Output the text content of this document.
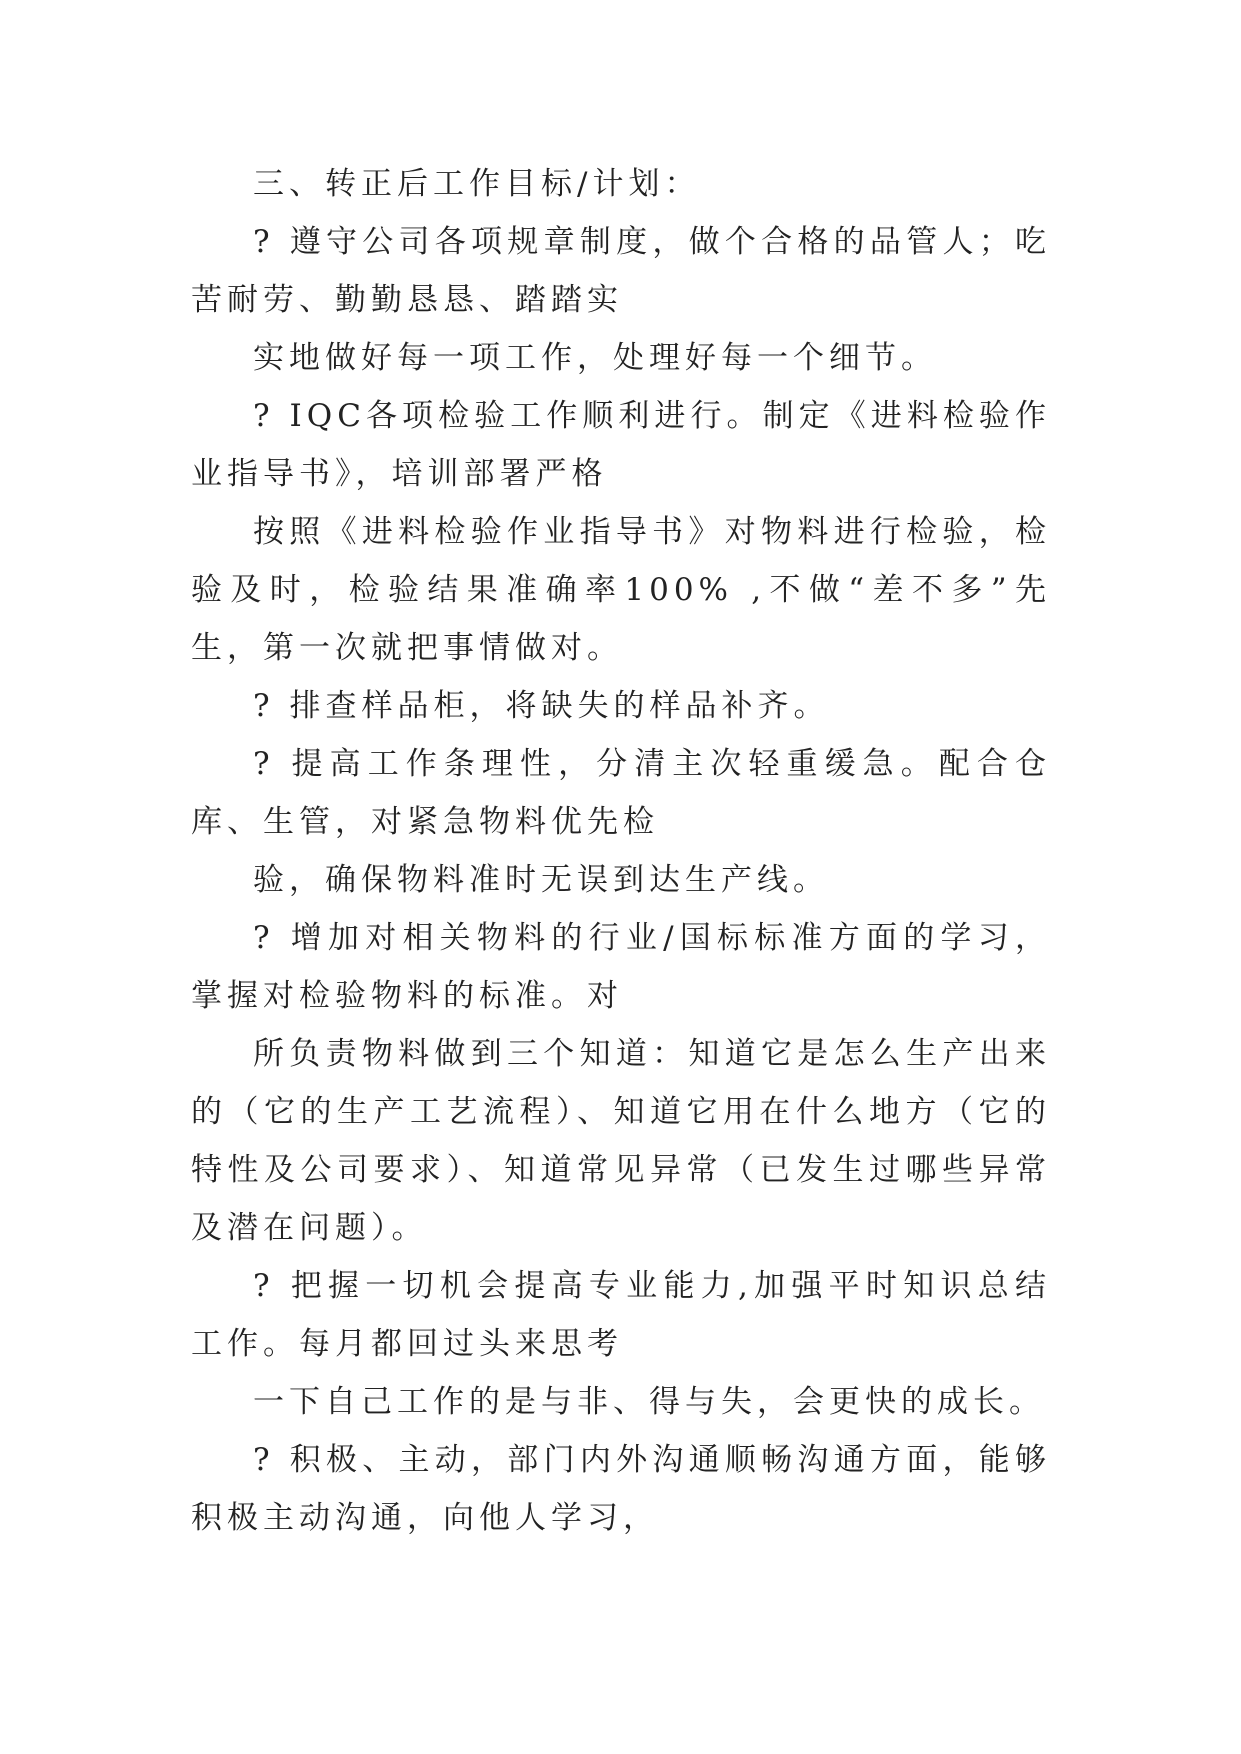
三、转正后工作目标/计划：

? 遵守公司各项规章制度，做个合格的品管人；吃苦耐劳、勤勤恳恳、踏踏实

实地做好每一项工作，处理好每一个细节。

? IQC各项检验工作顺利进行。制定《进料检验作业指导书》，培训部署严格

按照《进料检验作业指导书》对物料进行检验，检验及时，检验结果准确率100% ,不做“差不多”先生，第一次就把事情做对。

? 排查样品柜，将缺失的样品补齐。

? 提高工作条理性，分清主次轻重缓急。配合仓库、生管，对紧急物料优先检

验，确保物料准时无误到达生产线。

? 增加对相关物料的行业/国标标准方面的学习，掌握对检验物料的标准。对

所负责物料做到三个知道：知道它是怎么生产出来的（它的生产工艺流程）、知道它用在什么地方（它的特性及公司要求）、知道常见异常（已发生过哪些异常及潜在问题）。

? 把握一切机会提高专业能力,加强平时知识总结工作。每月都回过头来思考

一下自己工作的是与非、得与失，会更快的成长。

? 积极、主动，部门内外沟通顺畅沟通方面，能够积极主动沟通，向他人学习，
